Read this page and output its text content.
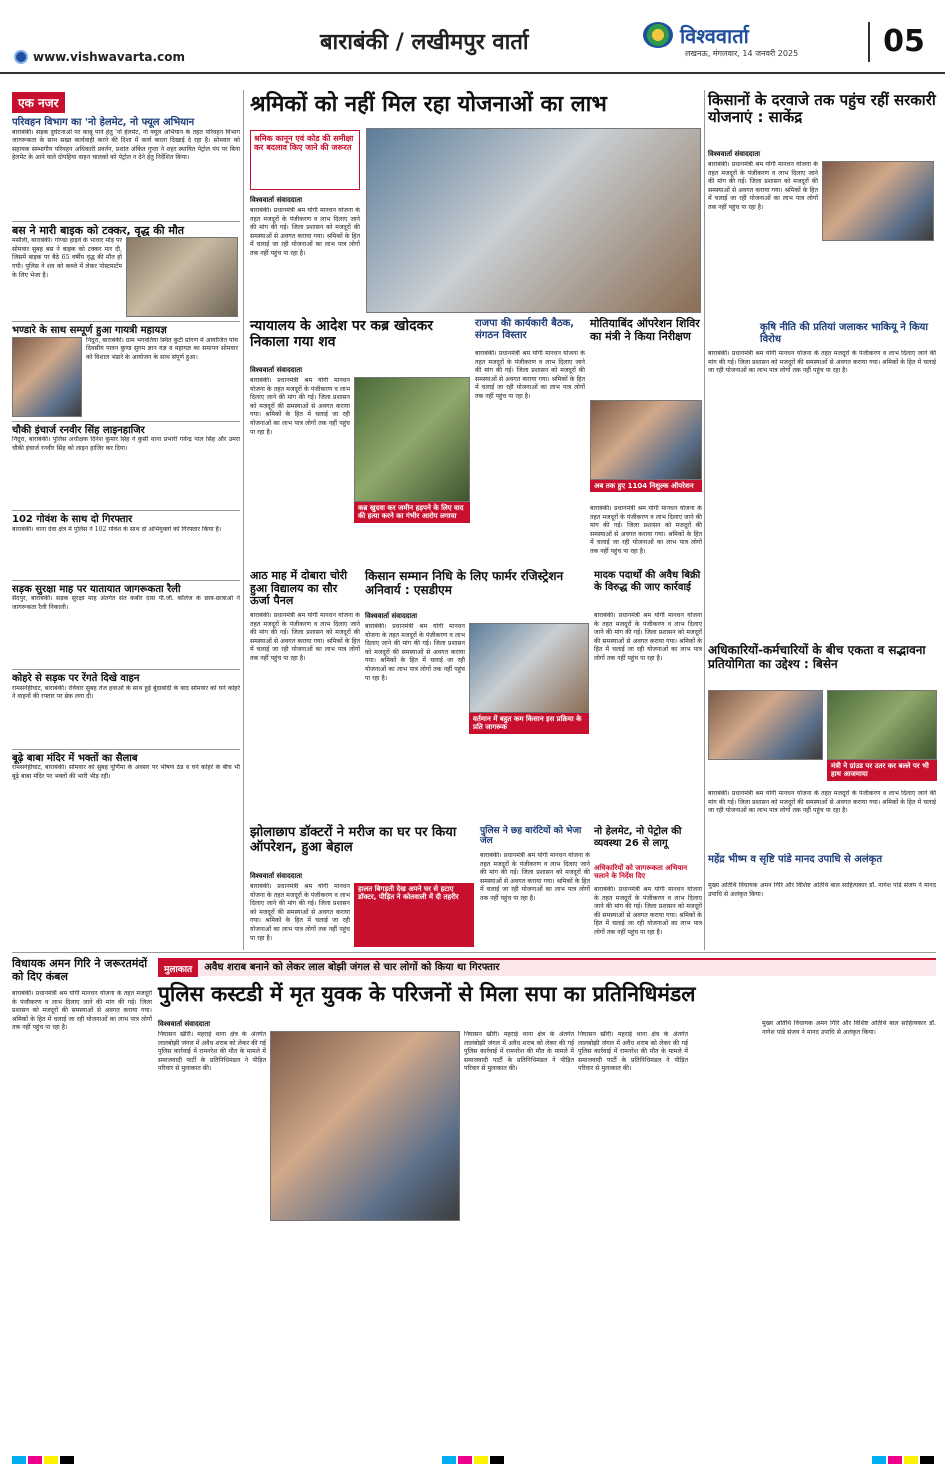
www.vishwavarta.com
बाराबंकी / लखीमपुर वार्ता	विश्ववार्ता
लखनऊ, मंगलवार, 14 जनवरी 2025	05
एक नजर
परिवहन विभाग का 'नो हेलमेट, नो फ्यूल अभियान
बाराबंकी। सड़क दुर्घटनाओं पर काबू पाने हेतु 'नो हेलमेट, नो फ्यूल अभियान के तहत परिवहन विभाग जागरूकता के साथ सख्त कार्यवाही करने की दिशा में कार्य करता दिखाई दे रहा है। सोमवार को सहायक सम्भागीय परिवहन अधिकारी प्रवर्तन, प्रशांत अंकित गुप्ता ने शहर स्थायित पेट्रोल पंप पर बिना हेलमेट के आने वाले दोपहिया वाहन चालकों को पेट्रोल न देने हेतु निर्देशित किया।
बस ने मारी बाइक को टक्कर, वृद्ध की मौत
मसौली, बाराबंकी। गोण्डा हाइवे के भावार मोड़ पर सोमवार सुबह बस ने बाइक को टक्कर मार दी, जिसमें बाइक पर बैठे 65 वर्षीय वृद्ध की मौत हो गयी। पुलिस ने शव को कब्जे में लेकर पोस्टमार्टम के लिए भेजा है।
भण्डारे के साथ सम्पूर्ण हुआ गायत्री महायज्ञ
निंदूरा, बाराबंकी। ग्राम भगवतिया स्थित कुटी प्रांगण में आयोजित पांच दिवसीय पावन कुण्ड सुगम ज्ञान यज्ञ व महायज्ञ का समापन सोमवार को विशाल भंडारे के आयोजन के साथ संपूर्ण हुआ।
चौकी इंचार्ज रनवीर सिंह लाइनहाजिर
निंदूरा, बाराबंकी। पुलिस अधीक्षक दिनेश कुमार सिंह ने कुर्सी थाना प्रभारी गर्वेन्द्र पाल सिंह और उमरा चौकी इंचार्ज रनवीर सिंह को लाइन हाजिर कर दिया।
102 गोवंश के साथ दो गिरफ्तार
बाराबंकी। थाना देवा क्षेत्र में पुलिस ने 102 गोवंश के साथ दो अभियुक्तों को गिरफ्तार किया है।
सड़क सुरक्षा माह पर यातायात जागरूकता रैली
सैदपुर, बाराबंकी। सड़क सुरक्षा माह अंतर्गत संत कबीर दास पी.जी. कॉलेज के छात्र-छात्राओं ने जागरूकता रैली निकाली।
कोहरे से सड़क पर रेंगते दिखे वाहन
रामसनेहीघाट, बाराबंकी। रविवार सुबह तेज हवाओं के साथ हुई बूंदाबांदी के बाद सोमवार को घने कोहरे ने वाहनों की रफ्तार पर ब्रेक लगा दी।
बूढ़े बाबा मंदिर में भक्तों का सैलाब
रामसनेहीघाट, बाराबंकी। सोमवार को सुबह पूर्णिमा के अवसर पर भीषण ठंड व घने कोहरे के बीच भी बूढ़े बाबा मंदिर पर भक्तों की भारी भीड़ रही।
श्रमिकों को नहीं मिल रहा योजनाओं का लाभ
श्रमिक कानून एवं कोड की समीक्षा कर बदलाव किए जाने की जरूरत
विश्ववार्ता संवाददाता
बाराबंकी। प्रधानमंत्री श्रम योगी मानधन योजना के तहत मजदूरों के पंजीकरण व लाभ दिलाए जाने की मांग की गई। जिला प्रशासन को मजदूरों की समस्याओं से अवगत कराया गया। श्रमिकों के हित में चलाई जा रही योजनाओं का लाभ पात्र लोगों तक नहीं पहुंच पा रहा है।
किसानों के दरवाजे तक पहुंच रहीं सरकारी योजनाएं : साकेंद्र
विश्ववार्ता संवाददाता
बाराबंकी। प्रधानमंत्री श्रम योगी मानधन योजना के तहत मजदूरों के पंजीकरण व लाभ दिलाए जाने की मांग की गई। जिला प्रशासन को मजदूरों की समस्याओं से अवगत कराया गया। श्रमिकों के हित में चलाई जा रही योजनाओं का लाभ पात्र लोगों तक नहीं पहुंच पा रहा है।
कृषि नीति की प्रतियां जलाकर भाकियू ने किया विरोध
बाराबंकी। प्रधानमंत्री श्रम योगी मानधन योजना के तहत मजदूरों के पंजीकरण व लाभ दिलाए जाने की मांग की गई। जिला प्रशासन को मजदूरों की समस्याओं से अवगत कराया गया। श्रमिकों के हित में चलाई जा रही योजनाओं का लाभ पात्र लोगों तक नहीं पहुंच पा रहा है।
अधिकारियों-कर्मचारियों के बीच एकता व सद्भावना प्रतियोगिता का उद्देश्य : बिसेन
मंत्री ने ग्रांउड पर उतर कर बल्ले पर भी हाथ आजमाया
बाराबंकी। प्रधानमंत्री श्रम योगी मानधन योजना के तहत मजदूरों के पंजीकरण व लाभ दिलाए जाने की मांग की गई। जिला प्रशासन को मजदूरों की समस्याओं से अवगत कराया गया। श्रमिकों के हित में चलाई जा रही योजनाओं का लाभ पात्र लोगों तक नहीं पहुंच पा रहा है।
महेंद्र भीष्म व सृष्टि पांडे मानद उपाधि से अलंकृत
मुख्य अतिथि विधायक अमन गिरि और विशिष्ट अतिथि बाल साहित्यकार डॉ. नागेश पांडे संजय ने मानद उपाधि से अलंकृत किया।
न्यायालय के आदेश पर कब्र खोदकर निकाला गया शव
विश्ववार्ता संवाददाता
बाराबंकी। प्रधानमंत्री श्रम योगी मानधन योजना के तहत मजदूरों के पंजीकरण व लाभ दिलाए जाने की मांग की गई। जिला प्रशासन को मजदूरों की समस्याओं से अवगत कराया गया। श्रमिकों के हित में चलाई जा रही योजनाओं का लाभ पात्र लोगों तक नहीं पहुंच पा रहा है।
कब्र खुदवा कर जमीन हड़पने के लिए वाद की हत्या करने का गंभीर आरोप लगाया
राजपा की कार्यकारी बैठक, संगठन विस्तार
बाराबंकी। प्रधानमंत्री श्रम योगी मानधन योजना के तहत मजदूरों के पंजीकरण व लाभ दिलाए जाने की मांग की गई। जिला प्रशासन को मजदूरों की समस्याओं से अवगत कराया गया। श्रमिकों के हित में चलाई जा रही योजनाओं का लाभ पात्र लोगों तक नहीं पहुंच पा रहा है।
मोतियाबिंद ऑपरेशन शिविर का मंत्री ने किया निरीक्षण
अब तक हुए 1104 निशुल्क ऑपरेशन
बाराबंकी। प्रधानमंत्री श्रम योगी मानधन योजना के तहत मजदूरों के पंजीकरण व लाभ दिलाए जाने की मांग की गई। जिला प्रशासन को मजदूरों की समस्याओं से अवगत कराया गया। श्रमिकों के हित में चलाई जा रही योजनाओं का लाभ पात्र लोगों तक नहीं पहुंच पा रहा है।
आठ माह में दोबारा चोरी हुआ विद्यालय का सौर ऊर्जा पैनल
बाराबंकी। प्रधानमंत्री श्रम योगी मानधन योजना के तहत मजदूरों के पंजीकरण व लाभ दिलाए जाने की मांग की गई। जिला प्रशासन को मजदूरों की समस्याओं से अवगत कराया गया। श्रमिकों के हित में चलाई जा रही योजनाओं का लाभ पात्र लोगों तक नहीं पहुंच पा रहा है।
किसान सम्मान निधि के लिए फार्मर रजिस्ट्रेशन अनिवार्य : एसडीएम
विश्ववार्ता संवाददाता
बाराबंकी। प्रधानमंत्री श्रम योगी मानधन योजना के तहत मजदूरों के पंजीकरण व लाभ दिलाए जाने की मांग की गई। जिला प्रशासन को मजदूरों की समस्याओं से अवगत कराया गया। श्रमिकों के हित में चलाई जा रही योजनाओं का लाभ पात्र लोगों तक नहीं पहुंच पा रहा है।
वर्तमान में बहुत कम किसान इस प्रक्रिया के प्रति जागरूक
मादक पदार्थों की अवैध बिक्री के विरुद्ध की जाए कार्रवाई
बाराबंकी। प्रधानमंत्री श्रम योगी मानधन योजना के तहत मजदूरों के पंजीकरण व लाभ दिलाए जाने की मांग की गई। जिला प्रशासन को मजदूरों की समस्याओं से अवगत कराया गया। श्रमिकों के हित में चलाई जा रही योजनाओं का लाभ पात्र लोगों तक नहीं पहुंच पा रहा है।
झोलाछाप डॉक्टरों ने मरीज का घर पर किया ऑपरेशन, हुआ बेहाल
विश्ववार्ता संवाददाता
बाराबंकी। प्रधानमंत्री श्रम योगी मानधन योजना के तहत मजदूरों के पंजीकरण व लाभ दिलाए जाने की मांग की गई। जिला प्रशासन को मजदूरों की समस्याओं से अवगत कराया गया। श्रमिकों के हित में चलाई जा रही योजनाओं का लाभ पात्र लोगों तक नहीं पहुंच पा रहा है।
हालत बिगड़ती देख अपने घर से हटाए डॉक्टर, पीड़ित ने कोतवाली में दी तहरीर
पुलिस ने छह वारंटियों को भेजा जेल
बाराबंकी। प्रधानमंत्री श्रम योगी मानधन योजना के तहत मजदूरों के पंजीकरण व लाभ दिलाए जाने की मांग की गई। जिला प्रशासन को मजदूरों की समस्याओं से अवगत कराया गया। श्रमिकों के हित में चलाई जा रही योजनाओं का लाभ पात्र लोगों तक नहीं पहुंच पा रहा है।
नो हेलमेट, नो पेट्रोल की व्यवस्था 26 से लागू
अधिकारियों को जागरूकता अभियान चलाने के निर्देश दिए
बाराबंकी। प्रधानमंत्री श्रम योगी मानधन योजना के तहत मजदूरों के पंजीकरण व लाभ दिलाए जाने की मांग की गई। जिला प्रशासन को मजदूरों की समस्याओं से अवगत कराया गया। श्रमिकों के हित में चलाई जा रही योजनाओं का लाभ पात्र लोगों तक नहीं पहुंच पा रहा है।
विधायक अमन गिरि ने जरूरतमंदों को दिए कंबल
बाराबंकी। प्रधानमंत्री श्रम योगी मानधन योजना के तहत मजदूरों के पंजीकरण व लाभ दिलाए जाने की मांग की गई। जिला प्रशासन को मजदूरों की समस्याओं से अवगत कराया गया। श्रमिकों के हित में चलाई जा रही योजनाओं का लाभ पात्र लोगों तक नहीं पहुंच पा रहा है।
मुलाकात	अवैध शराब बनाने को लेकर लाल बोझी जंगल से चार लोगों को किया था गिरफ्तार
पुलिस कस्टडी में मृत युवक के परिजनों से मिला सपा का प्रतिनिधिमंडल
विश्ववार्ता संवाददाता
निघासन खीरी। महराई थाना क्षेत्र के अंतर्गत लालबोझी जंगल में अवैध शराब को लेकर की गई पुलिस कार्रवाई में रामनरेश की मौत के मामले में समाजवादी पार्टी के प्रतिनिधिमंडल ने पीड़ित परिवार से मुलाकात की।
निघासन खीरी। महराई थाना क्षेत्र के अंतर्गत लालबोझी जंगल में अवैध शराब को लेकर की गई पुलिस कार्रवाई में रामनरेश की मौत के मामले में समाजवादी पार्टी के प्रतिनिधिमंडल ने पीड़ित परिवार से मुलाकात की।
निघासन खीरी। महराई थाना क्षेत्र के अंतर्गत लालबोझी जंगल में अवैध शराब को लेकर की गई पुलिस कार्रवाई में रामनरेश की मौत के मामले में समाजवादी पार्टी के प्रतिनिधिमंडल ने पीड़ित परिवार से मुलाकात की।
मुख्य अतिथि विधायक अमन गिरि और विशिष्ट अतिथि बाल साहित्यकार डॉ. नागेश पांडे संजय ने मानद उपाधि से अलंकृत किया।
